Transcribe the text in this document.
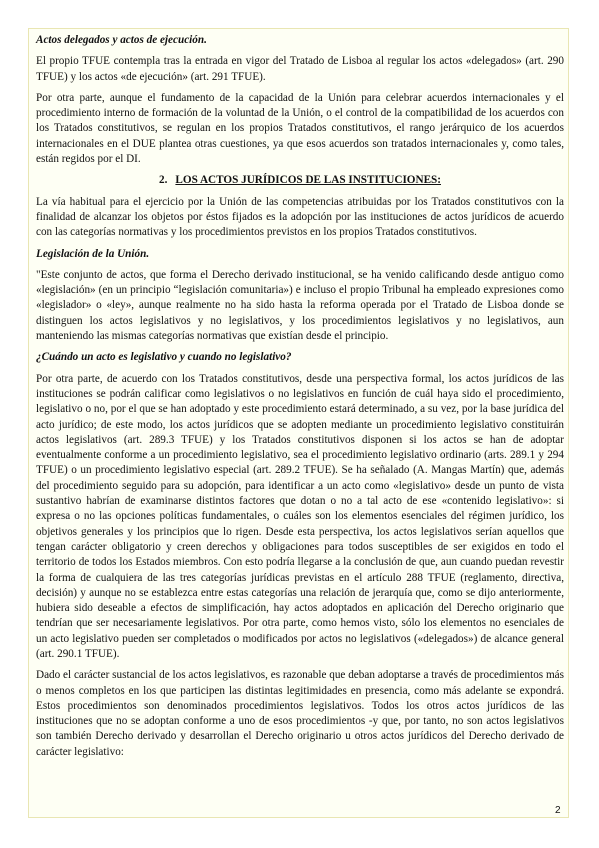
Actos delegados y actos de ejecución.

El propio TFUE contempla tras la entrada en vigor del Tratado de Lisboa al regular los actos «delegados» (art. 290 TFUE) y los actos «de ejecución» (art. 291 TFUE).

Por otra parte, aunque el fundamento de la capacidad de la Unión para celebrar acuerdos internacionales y el procedimiento interno de formación de la voluntad de la Unión, o el control de la compatibilidad de los acuerdos con los Tratados constitutivos, se regulan en los propios Tratados constitutivos, el rango jerárquico de los acuerdos internacionales en el DUE plantea otras cuestiones, ya que esos acuerdos son tratados internacionales y, como tales, están regidos por el DI.

2. LOS ACTOS JURÍDICOS DE LAS INSTITUCIONES:

La vía habitual para el ejercicio por la Unión de las competencias atribuidas por los Tratados constitutivos con la finalidad de alcanzar los objetos por éstos fijados es la adopción por las instituciones de actos jurídicos de acuerdo con las categorías normativas y los procedimientos previstos en los propios Tratados constitutivos.

Legislación de la Unión.

"Este conjunto de actos, que forma el Derecho derivado institucional, se ha venido calificando desde antiguo como «legislación» (en un principio “legislación comunitaria») e incluso el propio Tribunal ha empleado expresiones como «legislador» o «ley», aunque realmente no ha sido hasta la reforma operada por el Tratado de Lisboa donde se distinguen los actos legislativos y no legislativos, y los procedimientos legislativos y no legislativos, aun manteniendo las mismas categorías normativas que existían desde el principio.

¿Cuándo un acto es legislativo y cuando no legislativo?

Por otra parte, de acuerdo con los Tratados constitutivos, desde una perspectiva formal, los actos jurídicos de las instituciones se podrán calificar como legislativos o no legislativos en función de cuál haya sido el procedimiento, legislativo o no, por el que se han adoptado y este procedimiento estará determinado, a su vez, por la base jurídica del acto jurídico; de este modo, los actos jurídicos que se adopten mediante un procedimiento legislativo constituirán actos legislativos (art. 289.3 TFUE) y los Tratados constitutivos disponen si los actos se han de adoptar eventualmente conforme a un procedimiento legislativo, sea el procedimiento legislativo ordinario (arts. 289.1 y 294 TFUE) o un procedimiento legislativo especial (art. 289.2 TFUE). Se ha señalado (A. Mangas Martín) que, además del procedimiento seguido para su adopción, para identificar a un acto como «legislativo» desde un punto de vista sustantivo habrían de examinarse distintos factores que dotan o no a tal acto de ese «contenido legislativo»: si expresa o no las opciones políticas fundamentales, o cuáles son los elementos esenciales del régimen jurídico, los objetivos generales y los principios que lo rigen. Desde esta perspectiva, los actos legislativos serían aquellos que tengan carácter obligatorio y creen derechos y obligaciones para todos susceptibles de ser exigidos en todo el territorio de todos los Estados miembros. Con esto podría llegarse a la conclusión de que, aun cuando puedan revestir la forma de cualquiera de las tres categorías jurídicas previstas en el artículo 288 TFUE (reglamento, directiva, decisión) y aunque no se establezca entre estas categorías una relación de jerarquía que, como se dijo anteriormente, hubiera sido deseable a efectos de simplificación, hay actos adoptados en aplicación del Derecho originario que tendrían que ser necesariamente legislativos. Por otra parte, como hemos visto, sólo los elementos no esenciales de un acto legislativo pueden ser completados o modificados por actos no legislativos («delegados») de alcance general (art. 290.1 TFUE).

Dado el carácter sustancial de los actos legislativos, es razonable que deban adoptarse a través de procedimientos más o menos completos en los que participen las distintas legitimidades en presencia, como más adelante se expondrá. Estos procedimientos son denominados procedimientos legislativos. Todos los otros actos jurídicos de las instituciones que no se adoptan conforme a uno de esos procedimientos -y que, por tanto, no son actos legislativos son también Derecho derivado y desarrollan el Derecho originario u otros actos jurídicos del Derecho derivado de carácter legislativo:

2
